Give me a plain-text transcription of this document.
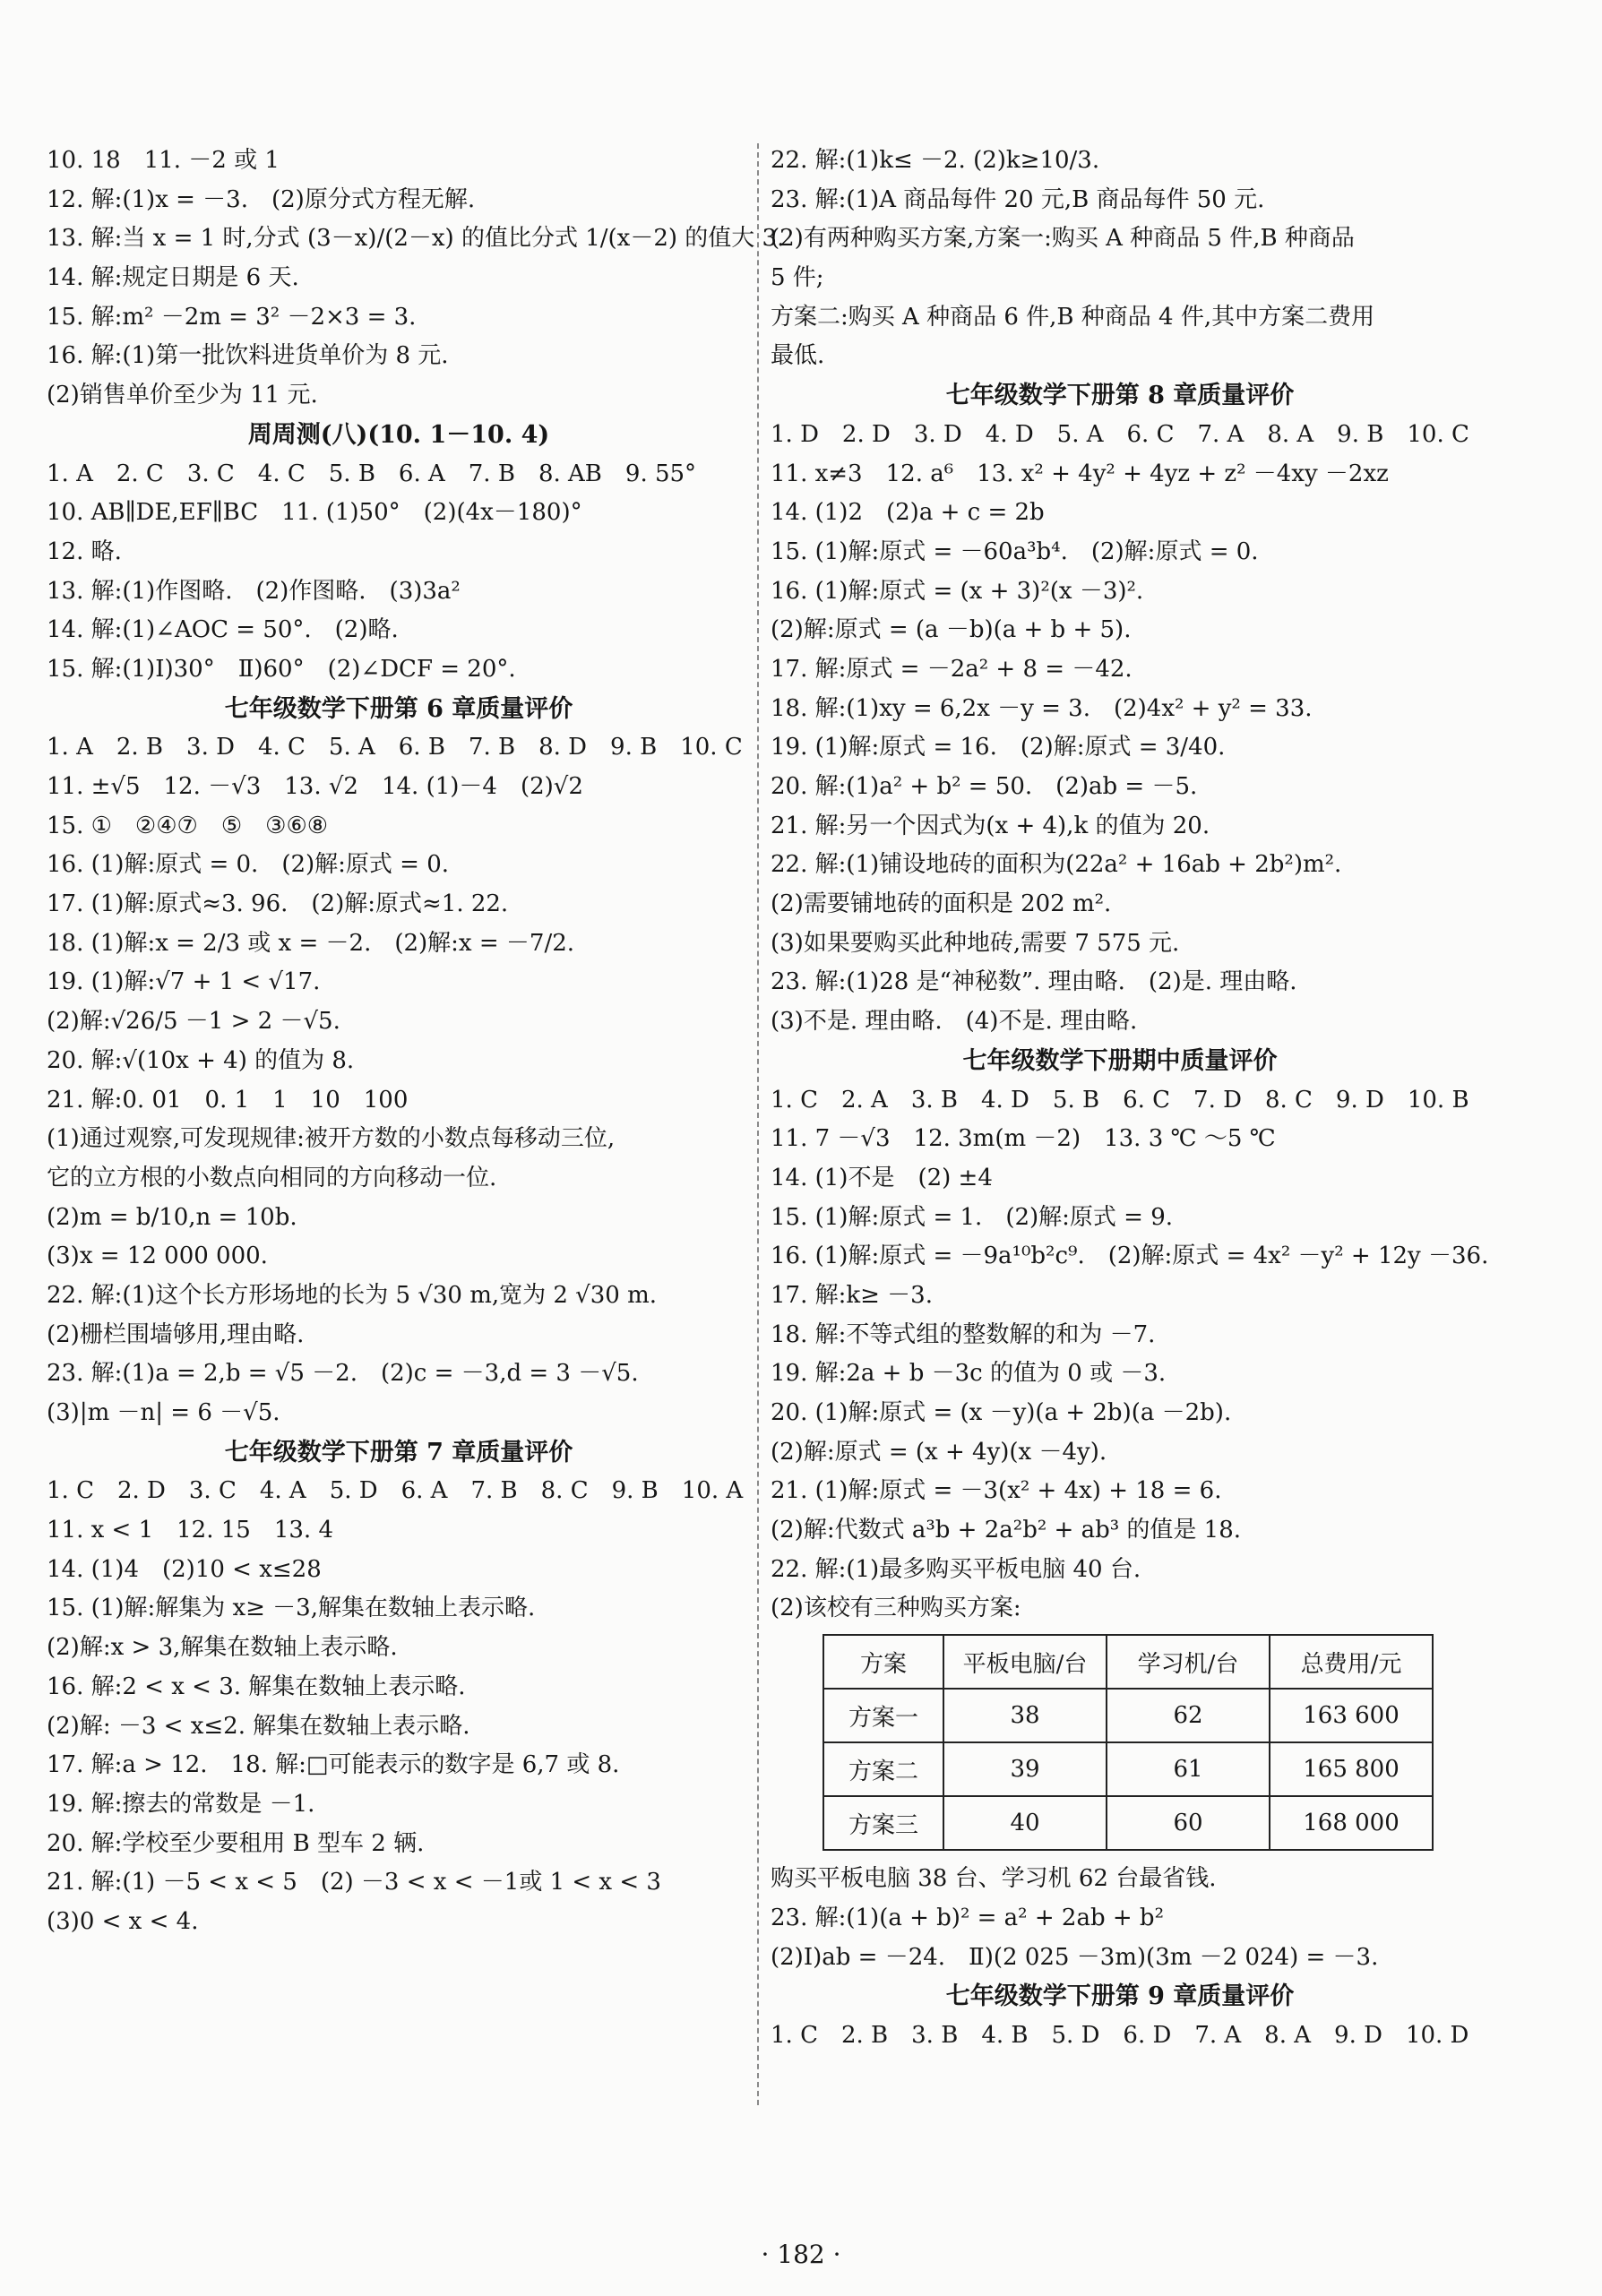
10. 18　11. －2 或 1
12. 解:(1)x = －3.　(2)原分式方程无解.
13. 解:当 x = 1 时,分式 (3－x)/(2－x) 的值比分式 1/(x－2) 的值大 3.
14. 解:规定日期是 6 天.
15. 解:m² －2m = 3² －2×3 = 3.
16. 解:(1)第一批饮料进货单价为 8 元.
(2)销售单价至少为 11 元.
周周测(八)(10. 1－10. 4)
1. A　2. C　3. C　4. C　5. B　6. A　7. B　8. AB　9. 55°
10. AB∥DE,EF∥BC　11. (1)50°　(2)(4x－180)°
12. 略.
13. 解:(1)作图略.　(2)作图略.　(3)3a²
14. 解:(1)∠AOC = 50°.　(2)略.
15. 解:(1)Ⅰ)30°　Ⅱ)60°　(2)∠DCF = 20°.
七年级数学下册第 6 章质量评价
1. A　2. B　3. D　4. C　5. A　6. B　7. B　8. D　9. B　10. C
11. ±√5　12. －√3　13. √2　14. (1)－4　(2)√2
15. ①　②④⑦　⑤　③⑥⑧
16. (1)解:原式 = 0.　(2)解:原式 = 0.
17. (1)解:原式≈3. 96.　(2)解:原式≈1. 22.
18. (1)解:x = 2/3 或 x = －2.　(2)解:x = －7/2.
19. (1)解:√7 + 1 < √17.
(2)解:√26/5 －1 > 2 －√5.
20. 解:√(10x + 4) 的值为 8.
21. 解:0. 01　0. 1　1　10　100
(1)通过观察,可发现规律:被开方数的小数点每移动三位,
它的立方根的小数点向相同的方向移动一位.
(2)m = b/10,n = 10b.
(3)x = 12 000 000.
22. 解:(1)这个长方形场地的长为 5 √30 m,宽为 2 √30 m.
(2)栅栏围墙够用,理由略.
23. 解:(1)a = 2,b = √5 －2.　(2)c = －3,d = 3 －√5.
(3)|m －n| = 6 －√5.
七年级数学下册第 7 章质量评价
1. C　2. D　3. C　4. A　5. D　6. A　7. B　8. C　9. B　10. A
11. x < 1　12. 15　13. 4
14. (1)4　(2)10 < x≤28
15. (1)解:解集为 x≥ －3,解集在数轴上表示略.
(2)解:x > 3,解集在数轴上表示略.
16. 解:2 < x < 3. 解集在数轴上表示略.
(2)解: －3 < x≤2. 解集在数轴上表示略.
17. 解:a > 12.　18. 解:□可能表示的数字是 6,7 或 8.
19. 解:擦去的常数是 －1.
20. 解:学校至少要租用 B 型车 2 辆.
21. 解:(1) －5 < x < 5　(2) －3 < x < －1或 1 < x < 3
(3)0 < x < 4.
22. 解:(1)k≤ －2. (2)k≥10/3.
23. 解:(1)A 商品每件 20 元,B 商品每件 50 元.
(2)有两种购买方案,方案一:购买 A 种商品 5 件,B 种商品
5 件;
方案二:购买 A 种商品 6 件,B 种商品 4 件,其中方案二费用
最低.
七年级数学下册第 8 章质量评价
1. D　2. D　3. D　4. D　5. A　6. C　7. A　8. A　9. B　10. C
11. x≠3　12. a⁶　13. x² + 4y² + 4yz + z² －4xy －2xz
14. (1)2　(2)a + c = 2b
15. (1)解:原式 = －60a³b⁴.　(2)解:原式 = 0.
16. (1)解:原式 = (x + 3)²(x －3)².
(2)解:原式 = (a －b)(a + b + 5).
17. 解:原式 = －2a² + 8 = －42.
18. 解:(1)xy = 6,2x －y = 3.　(2)4x² + y² = 33.
19. (1)解:原式 = 16.　(2)解:原式 = 3/40.
20. 解:(1)a² + b² = 50.　(2)ab = －5.
21. 解:另一个因式为(x + 4),k 的值为 20.
22. 解:(1)铺设地砖的面积为(22a² + 16ab + 2b²)m².
(2)需要铺地砖的面积是 202 m².
(3)如果要购买此种地砖,需要 7 575 元.
23. 解:(1)28 是“神秘数”. 理由略.　(2)是. 理由略.
(3)不是. 理由略.　(4)不是. 理由略.
七年级数学下册期中质量评价
1. C　2. A　3. B　4. D　5. B　6. C　7. D　8. C　9. D　10. B
11. 7 －√3　12. 3m(m －2)　13. 3 ℃ ～5 ℃
14. (1)不是　(2) ±4
15. (1)解:原式 = 1.　(2)解:原式 = 9.
16. (1)解:原式 = －9a¹⁰b²c⁹.　(2)解:原式 = 4x² －y² + 12y －36.
17. 解:k≥ －3.
18. 解:不等式组的整数解的和为 －7.
19. 解:2a + b －3c 的值为 0 或 －3.
20. (1)解:原式 = (x －y)(a + 2b)(a －2b).
(2)解:原式 = (x + 4y)(x －4y).
21. (1)解:原式 = －3(x² + 4x) + 18 = 6.
(2)解:代数式 a³b + 2a²b² + ab³ 的值是 18.
22. 解:(1)最多购买平板电脑 40 台.
(2)该校有三种购买方案:
方案	平板电脑/台	学习机/台	总费用/元
方案一	38	62	163 600
方案二	39	61	165 800
方案三	40	60	168 000
购买平板电脑 38 台、学习机 62 台最省钱.
23. 解:(1)(a + b)² = a² + 2ab + b²
(2)Ⅰ)ab = －24.　Ⅱ)(2 025 －3m)(3m －2 024) = －3.
七年级数学下册第 9 章质量评价
1. C　2. B　3. B　4. B　5. D　6. D　7. A　8. A　9. D　10. D
· 182 ·
